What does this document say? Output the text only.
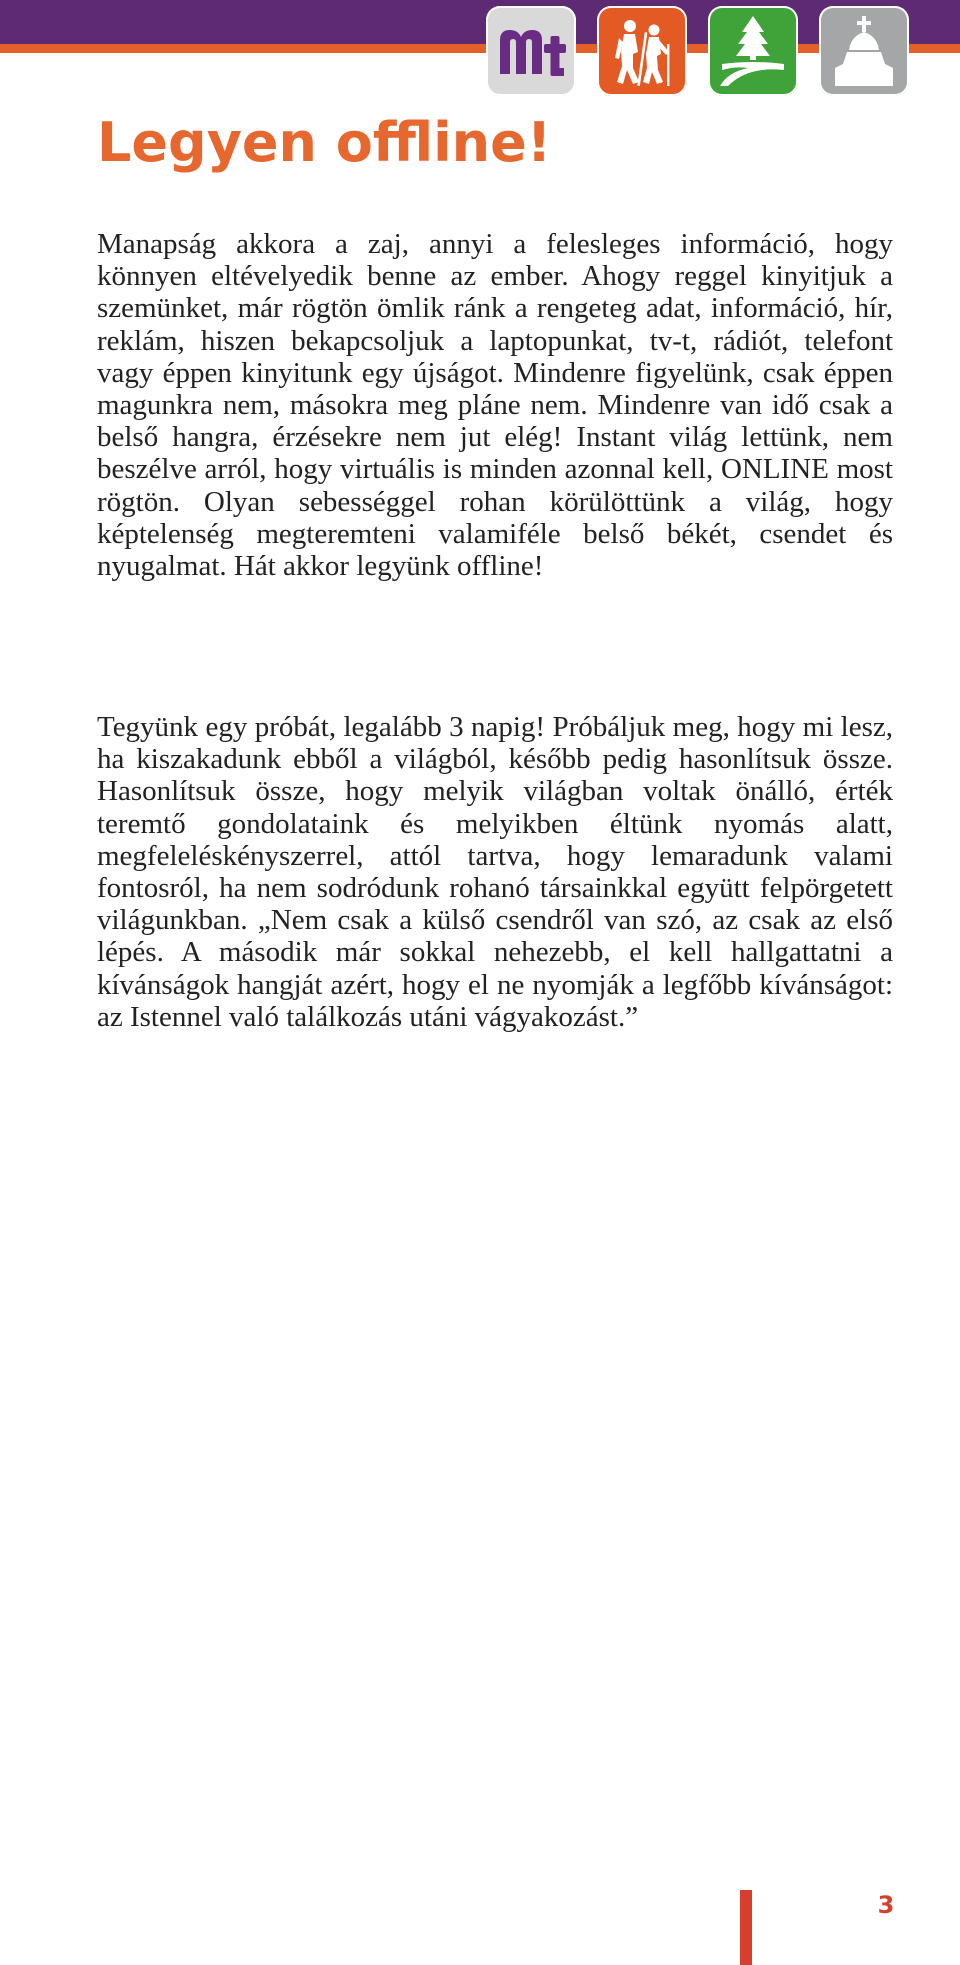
Legyen offline!

Manapság akkora a zaj, annyi a felesleges információ, hogy könnyen eltévelyedik benne az ember. Ahogy reggel kinyitjuk a szemünket, már rögtön ömlik ránk a rengeteg adat, információ, hír, reklám, hiszen bekapcsoljuk a laptopunkat, tv-t, rádiót, telefont vagy éppen kinyitunk egy újságot. Mindenre figyelünk, csak éppen magunkra nem, másokra meg pláne nem. Mindenre van idő csak a belső hangra, érzésekre nem jut elég! Instant világ lettünk, nem beszélve arról, hogy virtuális is minden azonnal kell, ONLINE most rögtön. Olyan sebességgel rohan körülöttünk a világ, hogy képtelenség megteremteni valamiféle belső békét, csendet és nyugalmat. Hát akkor legyünk offline!

Tegyünk egy próbát, legalább 3 napig! Próbáljuk meg, hogy mi lesz, ha kiszakadunk ebből a világból, később pedig hasonlítsuk össze. Hasonlítsuk össze, hogy melyik világban voltak önálló, érték teremtő gondolataink és melyikben éltünk nyomás alatt, megfeleléskényszerrel, attól tartva, hogy lemaradunk valami fontosról, ha nem sodródunk rohanó társainkkal együtt felpörgetett világunkban. „Nem csak a külső csendről van szó, az csak az első lépés. A második már sokkal nehezebb, el kell hallgattatni a kívánságok hangját azért, hogy el ne nyomják a legfőbb kívánságot: az Istennel való találkozás utáni vágyakozást.”

3
